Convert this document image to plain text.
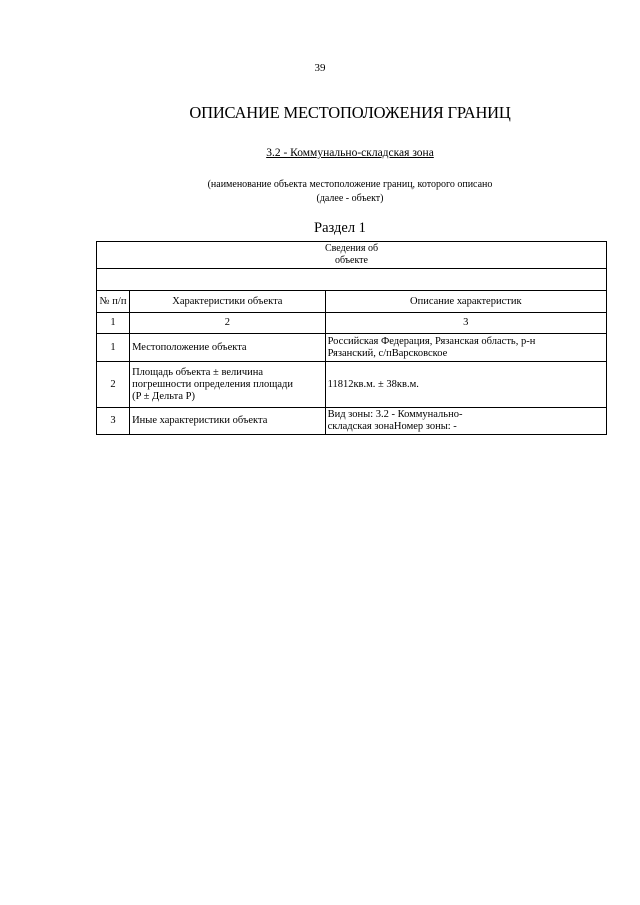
39
ОПИСАНИЕ МЕСТОПОЛОЖЕНИЯ ГРАНИЦ
3.2 - Коммунально-складская зона
(наименование объекта местоположение границ, которого описано
(далее - объект)
Раздел 1
Сведения об
объекте		

№ п/п	Характеристики объекта	Описание характеристик
1	2	3
1	Местоположение объекта	Российская Федерация, Рязанская область, р-н
Рязанский, с/пВарсковское
2	Площадь объекта ± величина
погрешности определения площади
(P ± Дельта P)	11812кв.м. ± 38кв.м.
3	Иные характеристики объекта	Вид зоны: 3.2 - Коммунально-
складская зонаНомер зоны: -
